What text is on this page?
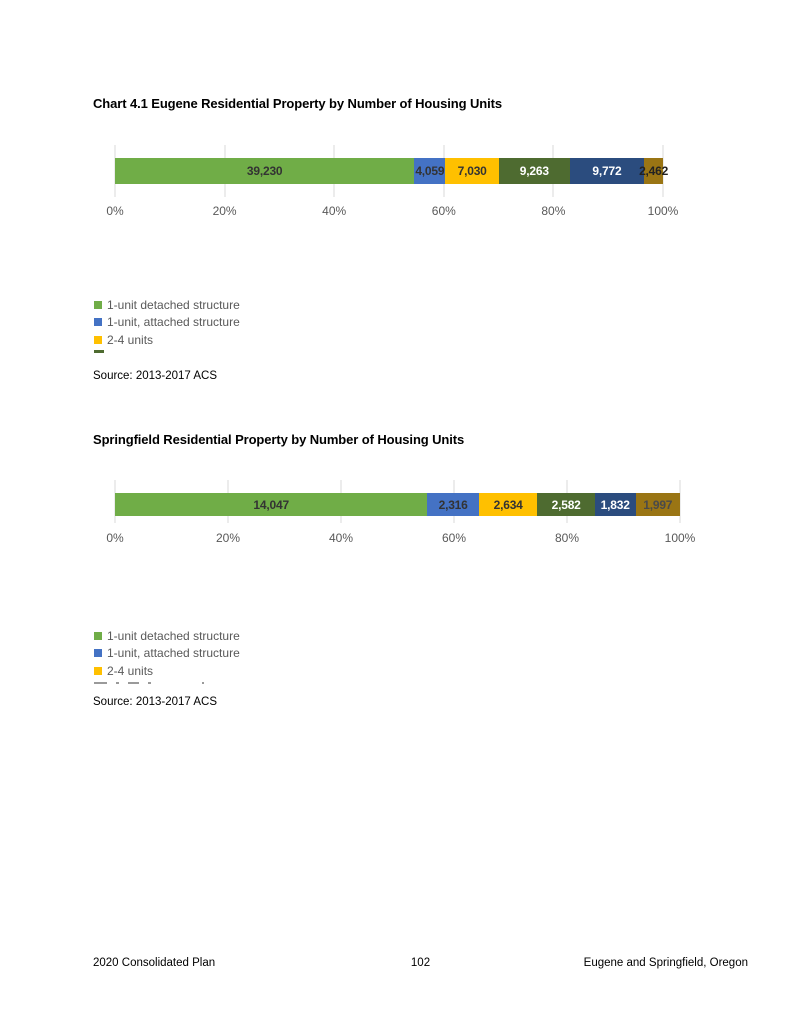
Chart 4.1 Eugene Residential Property by Number of Housing Units
39,230	4,059 7,030	9,263	9,772 2,462
0%	20%	40%	60%	80%	100%
1-unit detached structure
1-unit, attached structure
2-4 units
Source: 2013-2017 ACS
Springfield Residential Property by Number of Housing Units
14,047	2,316 2,634 2,582 1,832 1,997
0%	20%	40%	60%	80%	100%
1-unit detached structure
1-unit, attached structure
2-4 units
Source: 2013-2017 ACS
2020 Consolidated Plan	102	Eugene and Springfield, Oregon
